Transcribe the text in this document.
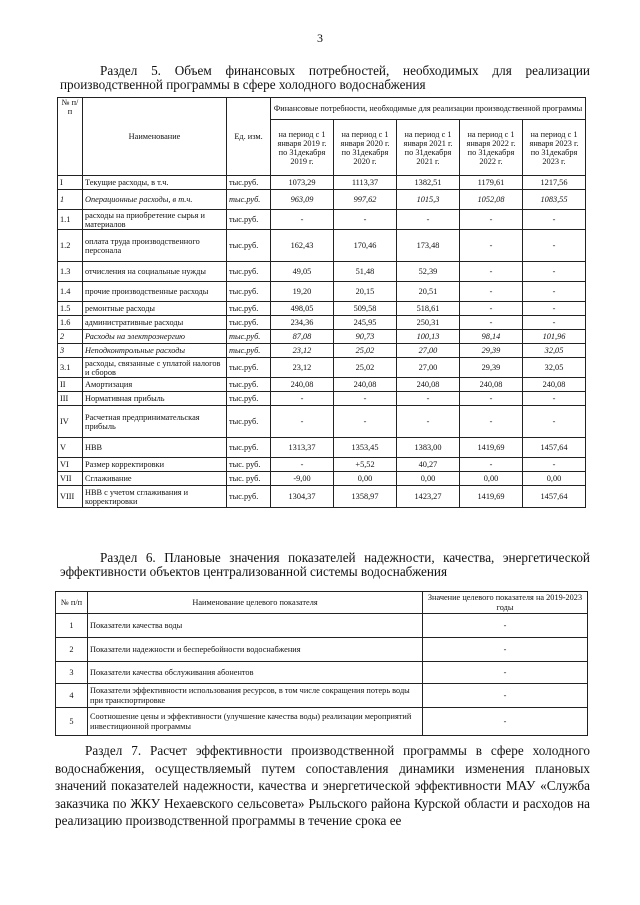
3
Раздел 5. Объем финансовых потребностей, необходимых для реализации
производственной программы в сфере холодного водоснабжения
№ п/п	Наименование	Ед. изм.	Финансовые потребности, необходимые для реализации производственной программы				
			на период с 1 января 2019 г. по 31декабря 2019 г.	на период с 1 января 2020 г. по 31декабря 2020 г.	на период с 1 января 2021 г. по 31декабря 2021 г.	на период с 1 января 2022 г. по 31декабря 2022 г.	на период с 1 января 2023 г. по 31декабря 2023 г.
I	Текущие расходы, в т.ч.	тыс.руб.	1073,29	1113,37	1382,51	1179,61	1217,56
1	Операционные расходы, в т.ч.	тыс.руб.	963,09	997,62	1015,3	1052,08	1083,55
1.1	расходы на приобретение сырья и материалов	тыс.руб.	-	-	-	-	-
1.2	оплата труда производственного персонала	тыс.руб.	162,43	170,46	173,48	-	-
1.3	отчисления на социальные нужды	тыс.руб.	49,05	51,48	52,39	-	-
1.4	прочие производственные расходы	тыс.руб.	19,20	20,15	20,51	-	-
1.5	ремонтные расходы	тыс.руб.	498,05	509,58	518,61	-	-
1.6	административные расходы	тыс.руб.	234,36	245,95	250,31	-	-
2	Расходы на электроэнергию	тыс.руб.	87,08	90,73	100,13	98,14	101,96
3	Неподконтрольные расходы	тыс.руб.	23,12	25,02	27,00	29,39	32,05
3.1	расходы, связанные с уплатой налогов и сборов	тыс.руб.	23,12	25,02	27,00	29,39	32,05
II	Амортизация	тыс.руб.	240,08	240,08	240,08	240,08	240,08
III	Нормативная прибыль	тыс.руб.	-	-	-	-	-
IV	Расчетная предпринимательская прибыль	тыс.руб.	-	-	-	-	-
V	НВВ	тыс.руб.	1313,37	1353,45	1383,00	1419,69	1457,64
VI	Размер корректировки	тыс. руб.	-	+5,52	40,27	-	-
VII	Сглаживание	тыс. руб.	-9,00	0,00	0,00	0,00	0,00
VIII	НВВ с учетом сглаживания и корректировки	тыс.руб.	1304,37	1358,97	1423,27	1419,69	1457,64
Раздел 6. Плановые значения показателей надежности, качества, энергетической
эффективности объектов централизованной системы водоснабжения
№ п/п	Наименование целевого показателя	Значение целевого показателя на 2019-2023 годы
1	Показатели качества воды	-
2	Показатели надежности и бесперебойности водоснабжения	-
3	Показатели качества обслуживания абонентов	-
4	Показатели эффективности использования ресурсов, в том числе сокращения потерь воды при транспортировке	-
5	Соотношение цены и эффективности (улучшение качества воды) реализации мероприятий инвестиционной программы	-
Раздел 7. Расчет эффективности производственной программы в сфере холодного водоснабжения, осуществляемый путем сопоставления динамики изменения плановых значений показателей надежности, качества и энергетической эффективности МАУ «Служба заказчика по ЖКУ Нехаевского сельсовета» Рыльского района Курской области и расходов на реализацию производственной программы в течение срока ее
